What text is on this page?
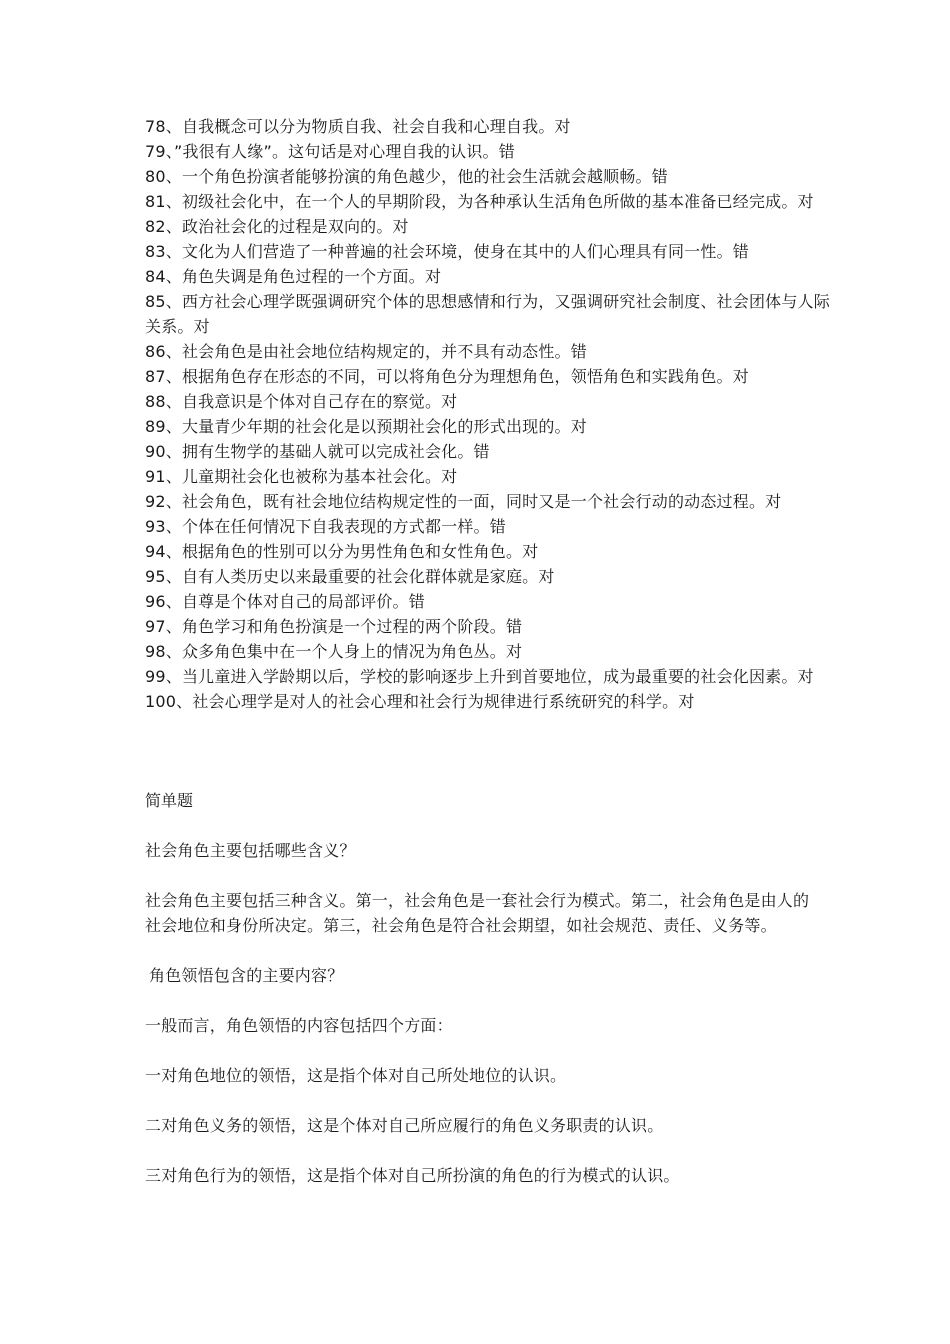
78、自我概念可以分为物质自我、社会自我和心理自我。对
79、”我很有人缘”。这句话是对心理自我的认识。错
80、一个角色扮演者能够扮演的角色越少，他的社会生活就会越顺畅。错
81、初级社会化中，在一个人的早期阶段，为各种承认生活角色所做的基本准备已经完成。对
82、政治社会化的过程是双向的。对
83、文化为人们营造了一种普遍的社会环境，使身在其中的人们心理具有同一性。错
84、角色失调是角色过程的一个方面。对
85、西方社会心理学既强调研究个体的思想感情和行为，又强调研究社会制度、社会团体与人际关系。对
86、社会角色是由社会地位结构规定的，并不具有动态性。错
87、根据角色存在形态的不同，可以将角色分为理想角色，领悟角色和实践角色。对
88、自我意识是个体对自己存在的察觉。对
89、大量青少年期的社会化是以预期社会化的形式出现的。对
90、拥有生物学的基础人就可以完成社会化。错
91、儿童期社会化也被称为基本社会化。对
92、社会角色，既有社会地位结构规定性的一面，同时又是一个社会行动的动态过程。对
93、个体在任何情况下自我表现的方式都一样。错
94、根据角色的性别可以分为男性角色和女性角色。对
95、自有人类历史以来最重要的社会化群体就是家庭。对
96、自尊是个体对自己的局部评价。错
97、角色学习和角色扮演是一个过程的两个阶段。错
98、众多角色集中在一个人身上的情况为角色丛。对
99、当儿童进入学龄期以后，学校的影响逐步上升到首要地位，成为最重要的社会化因素。对
100、社会心理学是对人的社会心理和社会行为规律进行系统研究的科学。对
简单题

社会角色主要包括哪些含义？

社会角色主要包括三种含义。第一，社会角色是一套社会行为模式。第二，社会角色是由人的社会地位和身份所决定。第三，社会角色是符合社会期望，如社会规范、责任、义务等。

角色领悟包含的主要内容？

一般而言，角色领悟的内容包括四个方面：

一对角色地位的领悟，这是指个体对自己所处地位的认识。

二对角色义务的领悟，这是个体对自己所应履行的角色义务职责的认识。

三对角色行为的领悟，这是指个体对自己所扮演的角色的行为模式的认识。
